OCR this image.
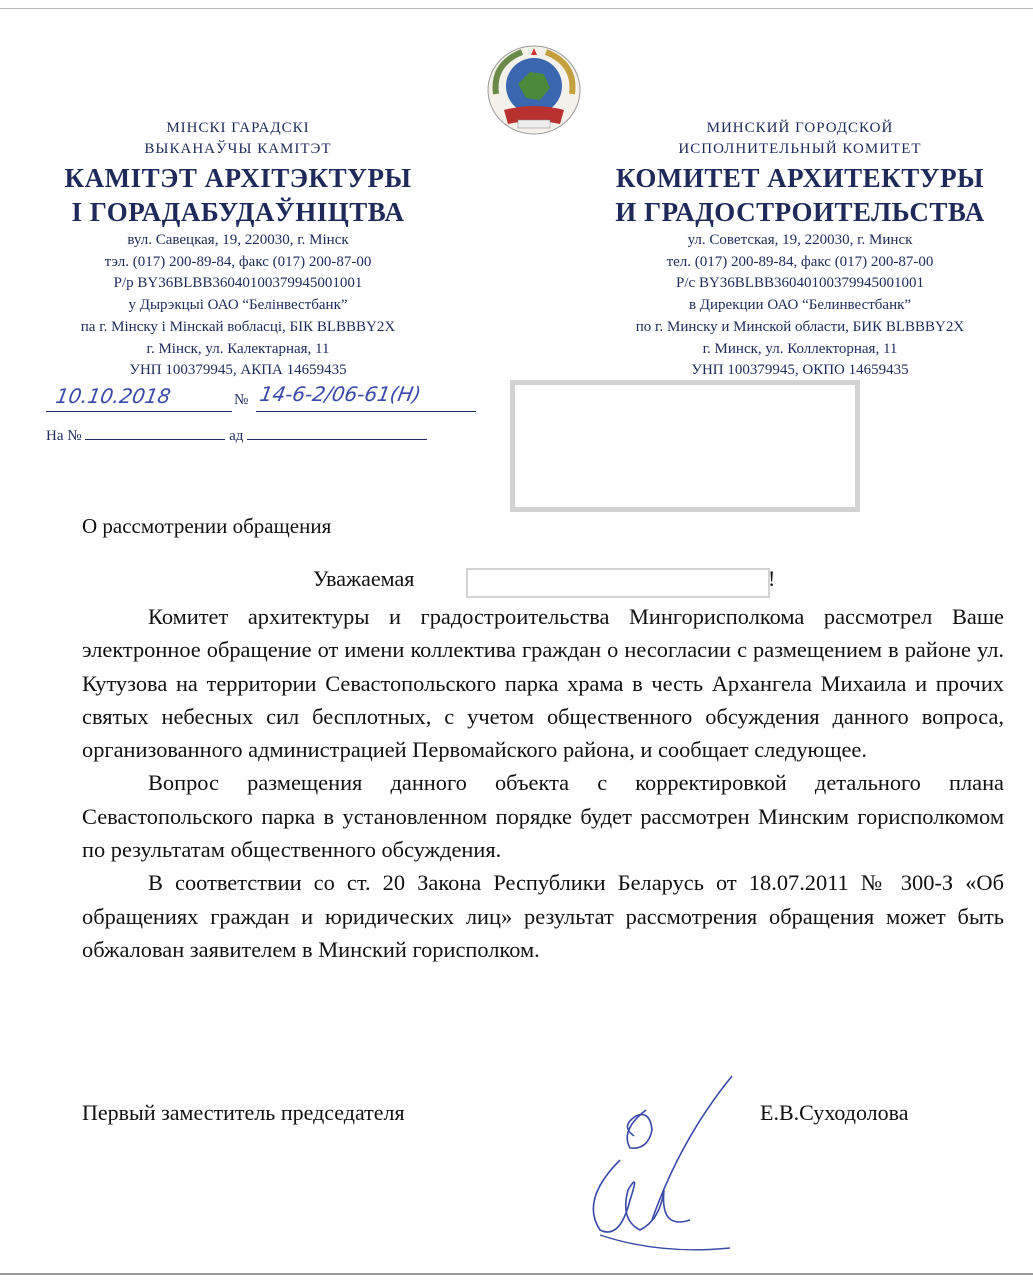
МІНСКІ ГАРАДСКІ
ВЫКАНАЎЧЫ КАМІТЭТ
КАМІТЭТ АРХІТЭКТУРЫ
І ГОРАДАБУДАЎНІЦТВА
вул. Савецкая, 19, 220030, г. Мінск
тэл. (017) 200-89-84, факс (017) 200-87-00
Р/р BY36BLBB36040100379945001001
у Дырэкцыі ОАО “Белінвестбанк”
па г. Мінску і Мінскай вобласці, БІК BLBBBY2X
г. Мінск, ул. Калектарная, 11
УНП 100379945, АКПА 14659435
МИНСКИЙ ГОРОДСКОЙ
ИСПОЛНИТЕЛЬНЫЙ КОМИТЕТ
КОМИТЕТ АРХИТЕКТУРЫ
И ГРАДОСТРОИТЕЛЬСТВА
ул. Советская, 19, 220030, г. Минск
тел. (017) 200-89-84, факс (017) 200-87-00
Р/с BY36BLBB36040100379945001001
в Дирекции ОАО “Белинвестбанк”
по г. Минску и Минской области, БИК BLBBBY2X
г. Минск, ул. Коллекторная, 11
УНП 100379945, ОКПО 14659435
10.10.2018	№ 14-6-2/06-61(H)
На №	ад
О рассмотрении обращения
Уважаемая	!

Комитет архитектуры и градостроительства Мингорисполкома рассмотрел Ваше электронное обращение от имени коллектива граждан о несогласии с размещением в районе ул. Кутузова на территории Севастопольского парка храма в честь Архангела Михаила и прочих святых небесных сил бесплотных, с учетом общественного обсуждения данного вопроса, организованного администрацией Первомайского района, и сообщает следующее.

Вопрос размещения данного объекта с корректировкой детального плана Севастопольского парка в установленном порядке будет рассмотрен Минским горисполкомом по результатам общественного обсуждения.

В соответствии со ст. 20 Закона Республики Беларусь от 18.07.2011 № 300-З «Об обращениях граждан и юридических лиц» результат рассмотрения обращения может быть обжалован заявителем в Минский горисполком.

Первый заместитель председателя	Е.В.Суходолова
